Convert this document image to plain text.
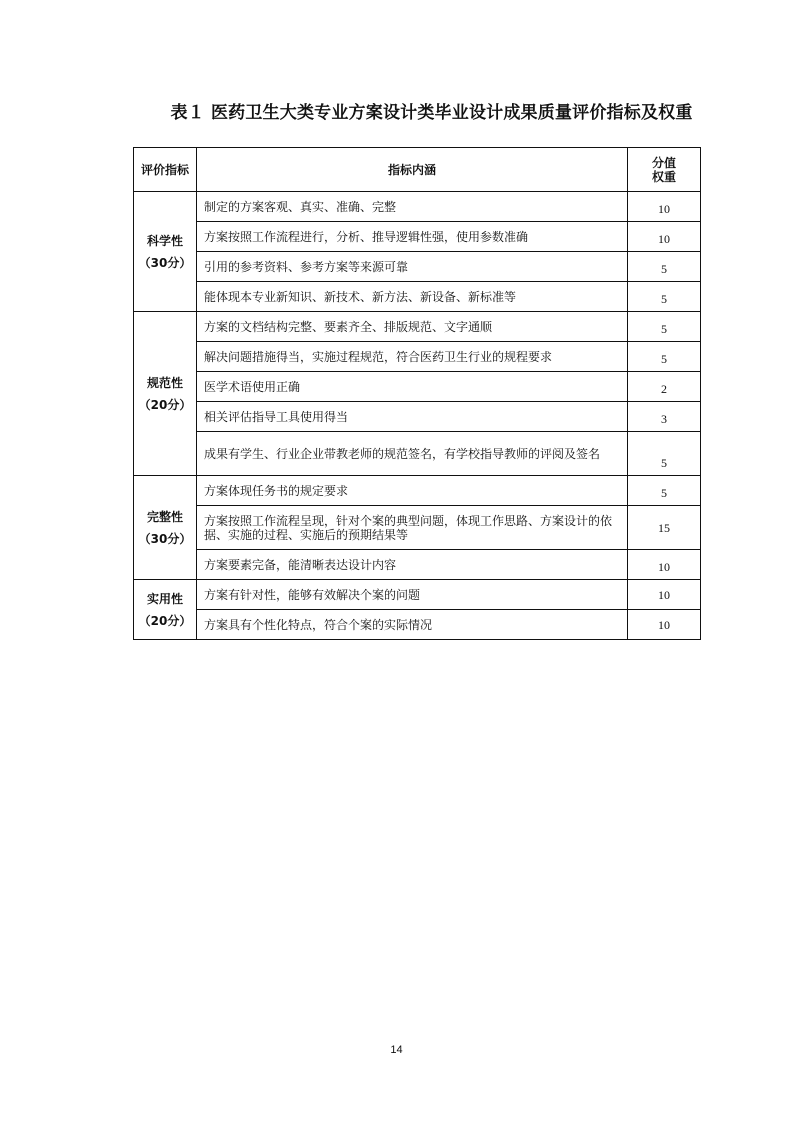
表１ 医药卫生大类专业方案设计类毕业设计成果质量评价指标及权重
评价指标	指标内涵	分值
权重
科学性
（30分）	制定的方案客观、真实、准确、完整	10
	方案按照工作流程进行，分析、推导逻辑性强，使用参数准确	10
	引用的参考资料、参考方案等来源可靠	5
	能体现本专业新知识、新技术、新方法、新设备、新标准等	5
规范性
（20分）	方案的文档结构完整、要素齐全、排版规范、文字通顺	5
	解决问题措施得当，实施过程规范，符合医药卫生行业的规程要求	5
	医学术语使用正确	2
	相关评估指导工具使用得当	3
	成果有学生、行业企业带教老师的规范签名，有学校指导教师的评阅及签名	5
完整性
（30分）	方案体现任务书的规定要求	5
	方案按照工作流程呈现，针对个案的典型问题，体现工作思路、方案设计的依据、实施的过程、实施后的预期结果等	15
	方案要素完备，能清晰表达设计内容	10
实用性
（20分）	方案有针对性，能够有效解决个案的问题	10
	方案具有个性化特点，符合个案的实际情况	10
14
